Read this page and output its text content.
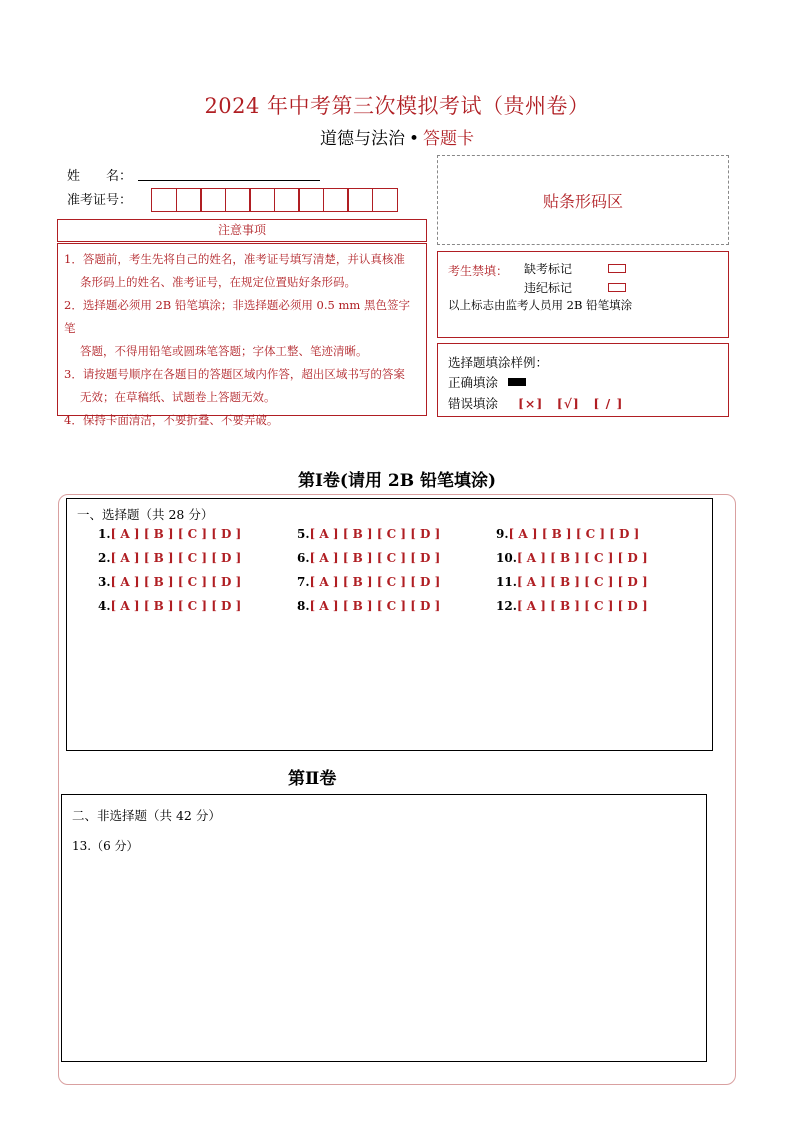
2024 年中考第三次模拟考试（贵州卷）
道德与法治 • 答题卡
姓　　名：
准考证号：	贴条形码区
注意事项
1．答题前，考生先将自己的姓名，准考证号填写清楚，并认真核准
条形码上的姓名、准考证号，在规定位置贴好条形码。
2．选择题必须用 2B 铅笔填涂；非选择题必须用 0.5 mm 黑色签字笔
答题，不得用铅笔或圆珠笔答题；字体工整、笔迹清晰。
3．请按题号顺序在各题目的答题区域内作答，超出区域书写的答案
无效；在草稿纸、试题卷上答题无效。
4．保持卡面清洁，不要折叠、不要弄破。
考生禁填： 缺考标记
违纪标记
以上标志由监考人员用 2B 铅笔填涂
选择题填涂样例：
正确填涂
错误填涂 [×]　[√]　[ / ]
第Ⅰ卷(请用 2B 铅笔填涂)
一、选择题（共 28 分）
1.[ A ] [ B ] [ C ] [ D ]
2.[ A ] [ B ] [ C ] [ D ]
3.[ A ] [ B ] [ C ] [ D ]
4.[ A ] [ B ] [ C ] [ D ]
5.[ A ] [ B ] [ C ] [ D ]
6.[ A ] [ B ] [ C ] [ D ]
7.[ A ] [ B ] [ C ] [ D ]
8.[ A ] [ B ] [ C ] [ D ]
9.[ A ] [ B ] [ C ] [ D ]
10.[ A ] [ B ] [ C ] [ D ]
11.[ A ] [ B ] [ C ] [ D ]
12.[ A ] [ B ] [ C ] [ D ]
第Ⅱ卷
二、非选择题（共 42 分）
13.（6 分）
